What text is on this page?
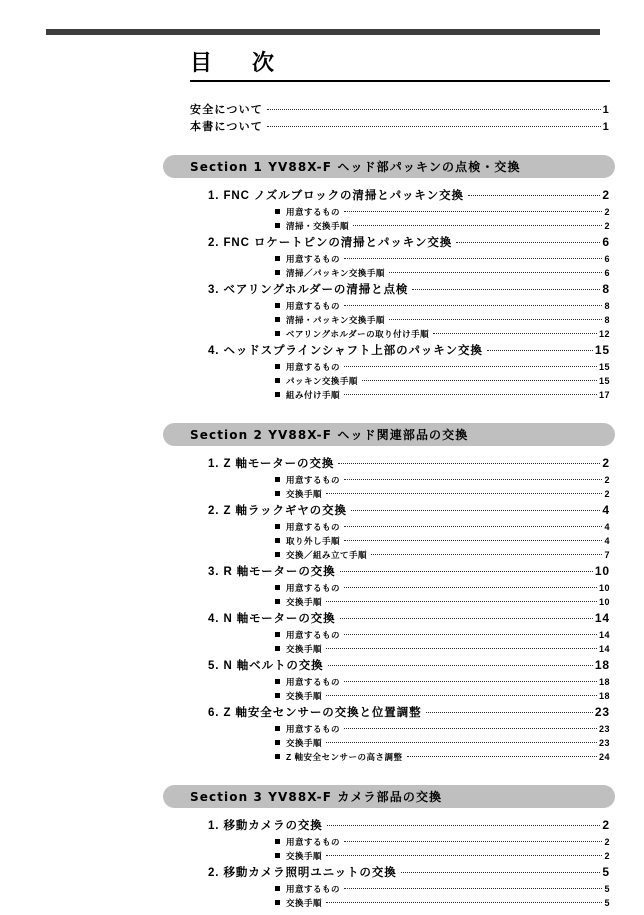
目　次
安全について	1
本書について	1
Section 1 YV88X-F ヘッド部パッキンの点検・交換
1. FNC ノズルブロックの清掃とパッキン交換	2
用意するもの	2
清掃・交換手順	2
2. FNC ロケートピンの清掃とパッキン交換	6
用意するもの	6
清掃／パッキン交換手順	6
3. ベアリングホルダーの清掃と点検	8
用意するもの	8
清掃・パッキン交換手順	8
ベアリングホルダーの取り付け手順	12
4. ヘッドスプラインシャフト上部のパッキン交換	15
用意するもの	15
パッキン交換手順	15
組み付け手順	17
Section 2 YV88X-F ヘッド関連部品の交換
1. Z 軸モーターの交換	2
用意するもの	2
交換手順	2
2. Z 軸ラックギヤの交換	4
用意するもの	4
取り外し手順	4
交換／組み立て手順	7
3. R 軸モーターの交換	10
用意するもの	10
交換手順	10
4. N 軸モーターの交換	14
用意するもの	14
交換手順	14
5. N 軸ベルトの交換	18
用意するもの	18
交換手順	18
6. Z 軸安全センサーの交換と位置調整	23
用意するもの	23
交換手順	23
Z 軸安全センサーの高さ調整	24
Section 3 YV88X-F カメラ部品の交換
1. 移動カメラの交換	2
用意するもの	2
交換手順	2
2. 移動カメラ照明ユニットの交換	5
用意するもの	5
交換手順	5
